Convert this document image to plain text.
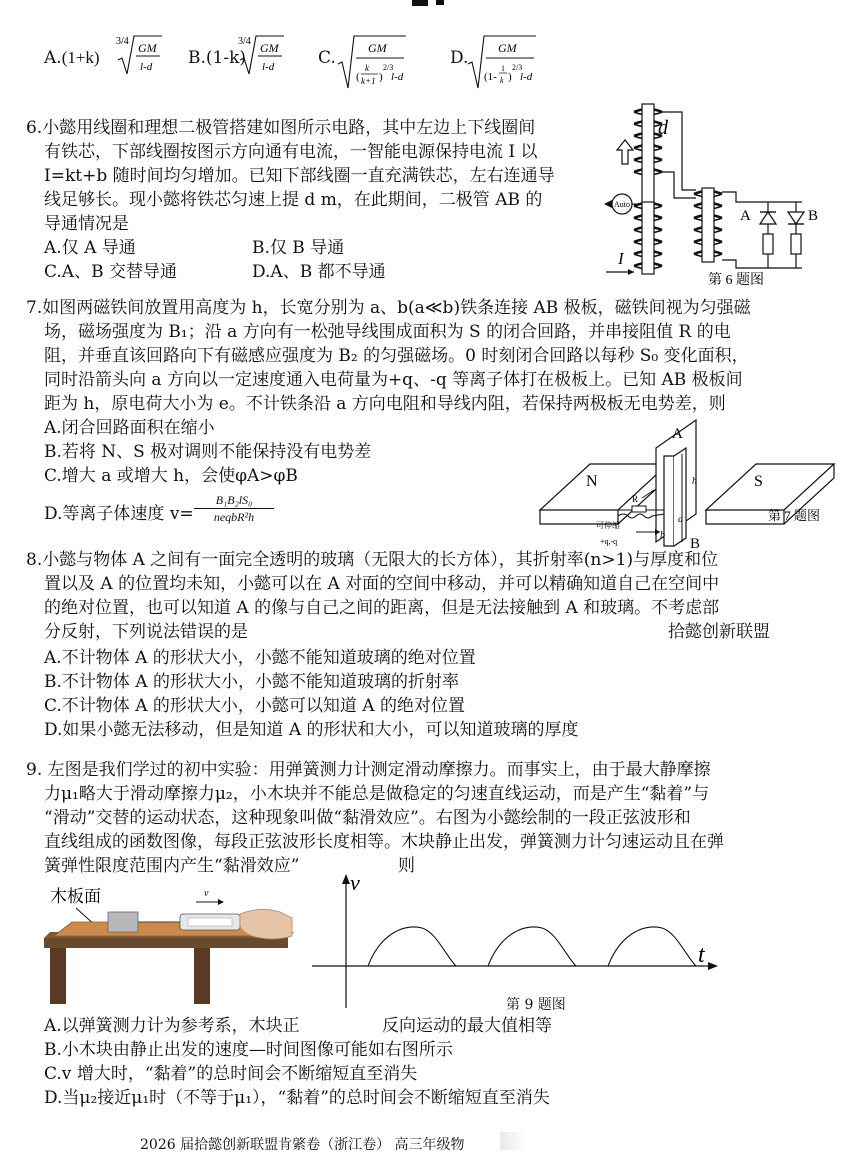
A.(1+k)
3/4 GM
l-d B.(1-k)
3/4 GM
l-d	C.	GM
(
k
k+1 )
2/3
l-d
D. GM
(1-
1
k )
2/3
l-d
6.小懿用线圈和理想二极管搭建如图所示电路，其中左边上下线圈间
有铁芯，下部线圈按图示方向通有电流，一智能电源保持电流 I 以
I=kt+b 随时间均匀增加。已知下部线圈一直充满铁芯，左右连通导
线足够长。现小懿将铁芯匀速上提 d m，在此期间，二极管 AB 的
导通情况是
A.仅 A 导通	B.仅 B 导通
C.A、B 交替导通	D.A、B 都不导通
d
Auto
I
A	B
第 6 题图
7.如图两磁铁间放置用高度为 h，长宽分别为 a、b(a≪b)铁条连接 AB 极板，磁铁间视为匀强磁
场，磁场强度为 B₁；沿 a 方向有一松弛导线围成面积为 S 的闭合回路，并串接阻值 R 的电
阻，并垂直该回路向下有磁感应强度为 B₂ 的匀强磁场。0 时刻闭合回路以每秒 S₀ 变化面积，
同时沿箭头向 a 方向以一定速度通入电荷量为+q、-q 等离子体打在极板上。已知 AB 极板间
距为 h，原电荷大小为 e。不计铁条沿 a 方向电阻和导线内阻，若保持两极板无电势差，则
A.闭合回路面积在缩小
B.若将 N、S 极对调则不能保持没有电势差
C.增大 a 或增大 h，会使φA>φB
D.等离子体速度 v=
B₁B₂lS₀
neqbR²h
N	S
A
B
h
a
b
R
可伸缩
+q,-q
第 7 题图
8.小懿与物体 A 之间有一面完全透明的玻璃（无限大的长方体），其折射率(n>1)与厚度和位
置以及 A 的位置均未知，小懿可以在 A 对面的空间中移动，并可以精确知道自己在空间中
的绝对位置，也可以知道 A 的像与自己之间的距离，但是无法接触到 A 和玻璃。不考虑部
分反射，下列说法错误的是	拾懿创新联盟
A.不计物体 A 的形状大小，小懿不能知道玻璃的绝对位置
B.不计物体 A 的形状大小，小懿不能知道玻璃的折射率
C.不计物体 A 的形状大小，小懿可以知道 A 的绝对位置
D.如果小懿无法移动，但是知道 A 的形状和大小，可以知道玻璃的厚度
9. 左图是我们学过的初中实验：用弹簧测力计测定滑动摩擦力。而事实上，由于最大静摩擦
力μ₁略大于滑动摩擦力μ₂，小木块并不能总是做稳定的匀速直线运动，而是产生“黏着”与
“滑动”交替的运动状态，这种现象叫做“黏滑效应”。右图为小懿绘制的一段正弦波形和
直线组成的函数图像，每段正弦波形长度相等。木块静止出发，弹簧测力计匀速运动且在弹
簧弹性限度范围内产生“黏滑效应”	则
木板面	v	v
t
第 9 题图
A.以弹簧测力计为参考系，木块正	反向运动的最大值相等
B.小木块由静止出发的速度—时间图像可能如右图所示
C.v 增大时，“黏着”的总时间会不断缩短直至消失
D.当μ₂接近μ₁时（不等于μ₁），“黏着”的总时间会不断缩短直至消失
2026 届拾懿创新联盟肯綮卷（浙江卷） 高三年级物
